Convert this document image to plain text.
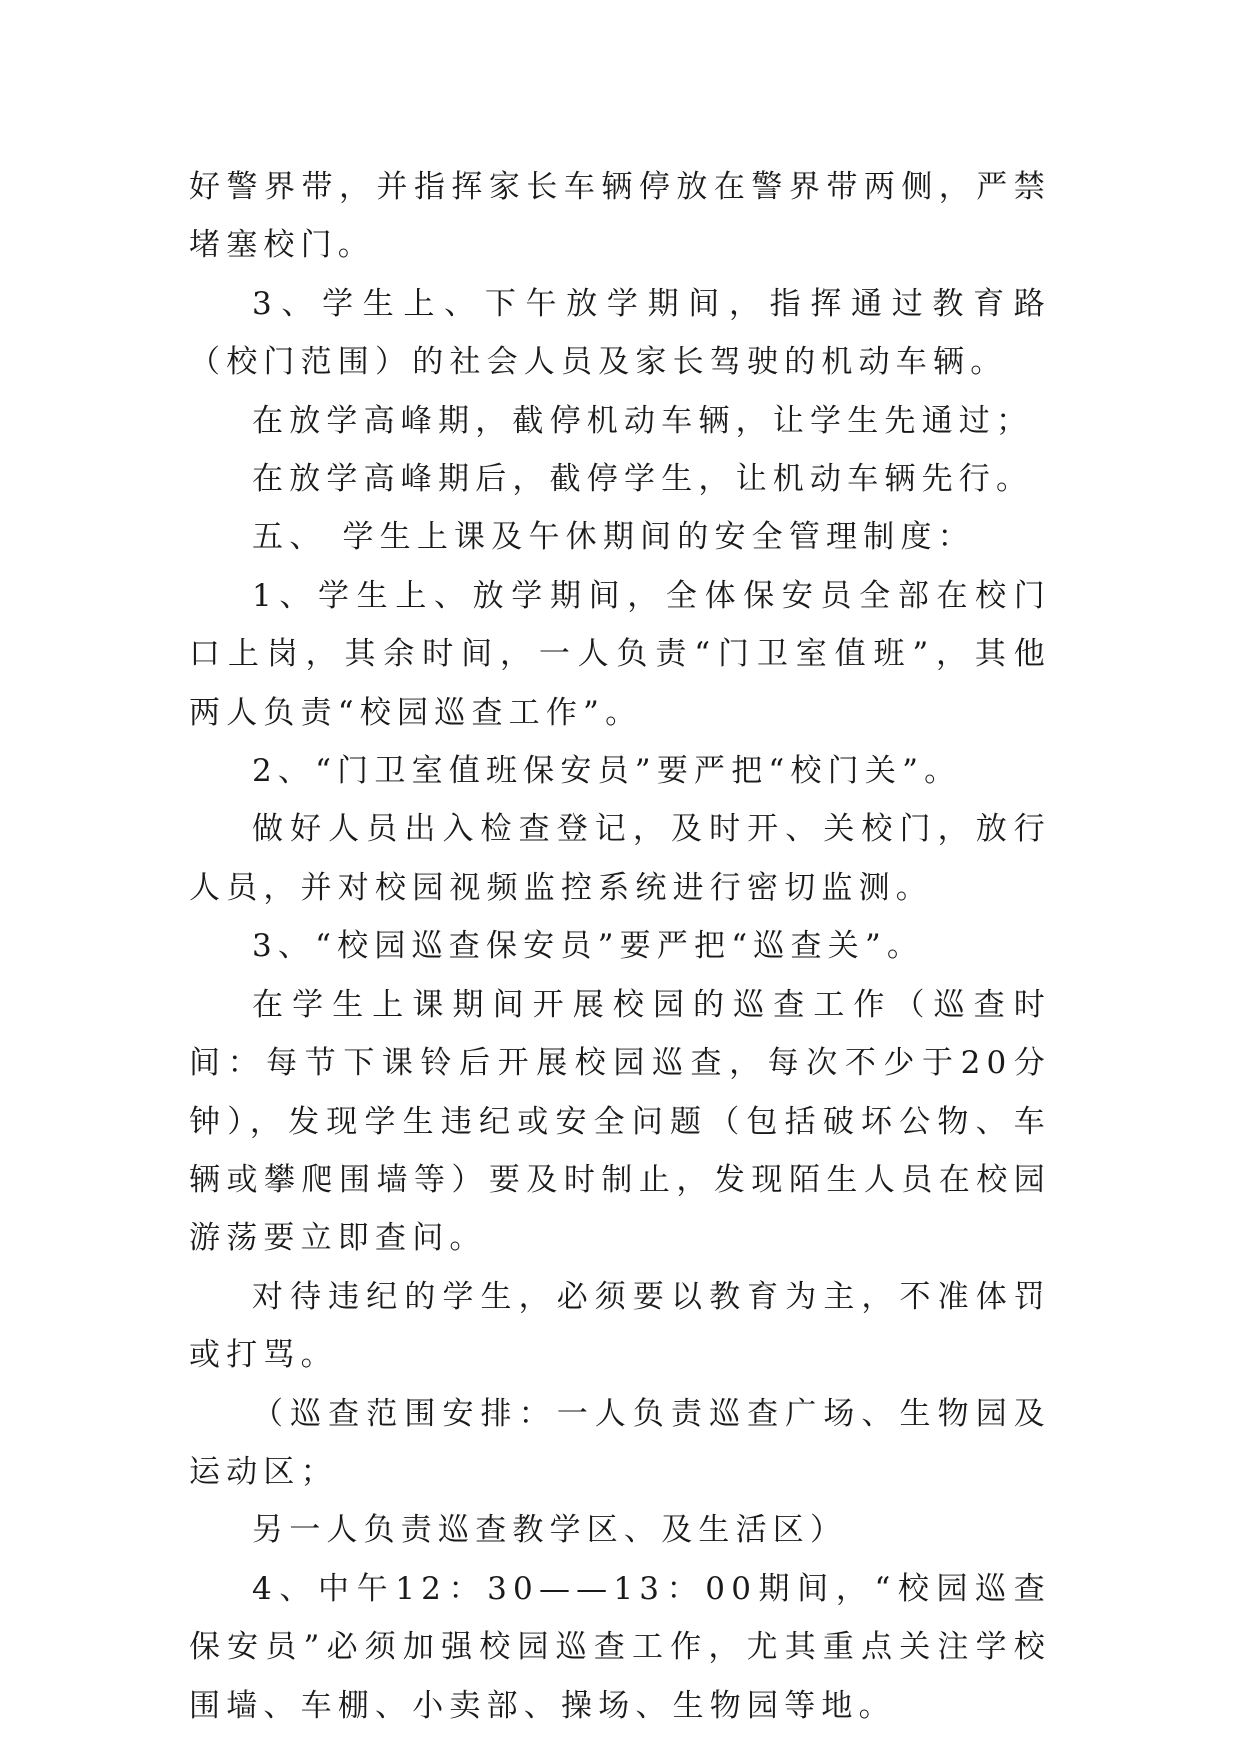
好警界带，并指挥家长车辆停放在警界带两侧，严禁堵塞校门。

3、学生上、下午放学期间，指挥通过教育路（校门范围）的社会人员及家长驾驶的机动车辆。

在放学高峰期，截停机动车辆，让学生先通过；

在放学高峰期后，截停学生，让机动车辆先行。

五、 学生上课及午休期间的安全管理制度：

1、学生上、放学期间，全体保安员全部在校门口上岗，其余时间，一人负责“门卫室值班”，其他两人负责“校园巡查工作”。

2、“门卫室值班保安员”要严把“校门关”。

做好人员出入检查登记，及时开、关校门，放行人员，并对校园视频监控系统进行密切监测。

3、“校园巡查保安员”要严把“巡查关”。

在学生上课期间开展校园的巡查工作（巡查时间：每节下课铃后开展校园巡查，每次不少于20分钟），发现学生违纪或安全问题（包括破坏公物、车辆或攀爬围墙等）要及时制止，发现陌生人员在校园游荡要立即查问。

对待违纪的学生，必须要以教育为主，不准体罚或打骂。

（巡查范围安排：一人负责巡查广场、生物园及运动区；

另一人负责巡查教学区、及生活区）

4、中午12：30——13：00期间，“校园巡查保安员”必须加强校园巡查工作，尤其重点关注学校围墙、车棚、小卖部、操场、生物园等地。
